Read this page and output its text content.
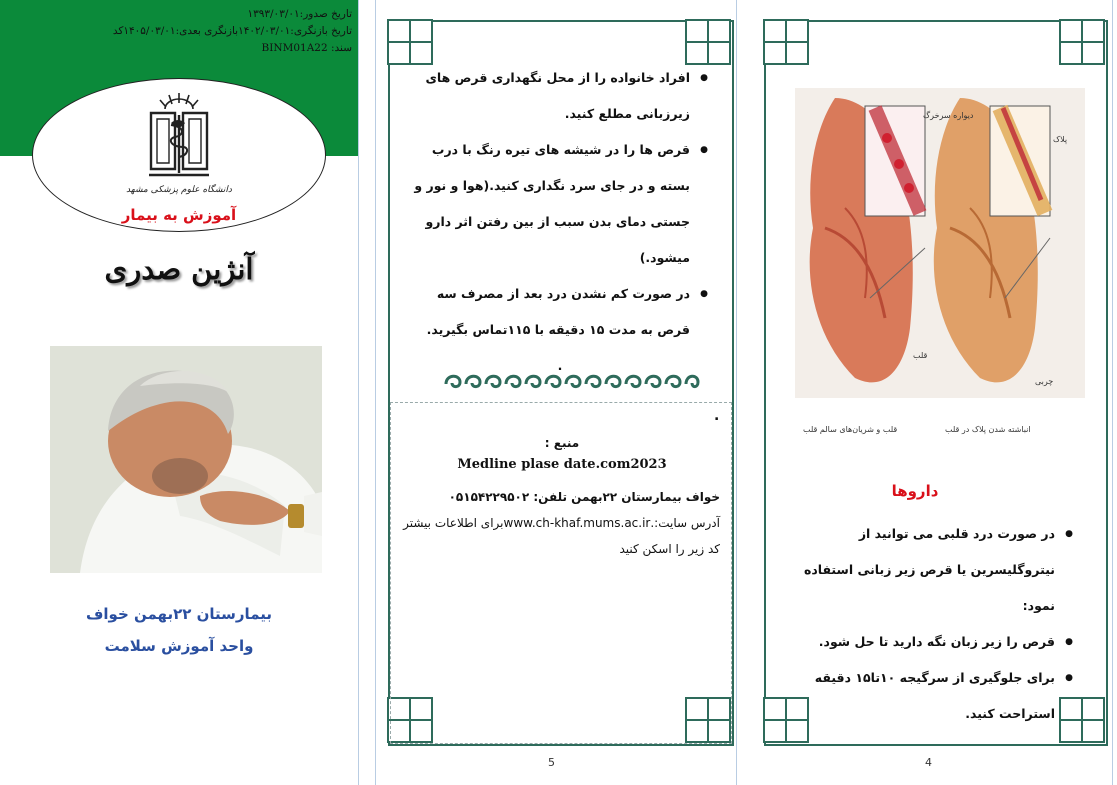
تاریخ صدور:۱۳۹۳/۰۳/۰۱
تاریخ بازنگری:۱۴۰۲/۰۳/۰۱بازنگری بعدی:۱۴۰۵/۰۳/۰۱کد
سند: BINM01A22
دانشگاه علوم پزشکی مشهد
آموزش به بیمار
آنژین صدری
بیمارستان ۲۲بهمن خواف
واحد آموزش سلامت
● افراد خانواده را از محل نگهداری قرص های زیرزبانی مطلع کنید.
● قرص ها را در شیشه های تیره رنگ با درب بسته و در جای سرد نگداری کنید.(هوا و نور و جستی دمای بدن سبب از بین رفتن اثر دارو میشود.)
● در صورت کم نشدن درد بعد از مصرف سه قرص به مدت ۱۵ دقیقه با ۱۱۵تماس بگیرید.
.
.
منبع :
Medline plase date.com2023
خواف بیمارستان ۲۲بهمن تلفن: ۰۵۱۵۴۲۲۹۵۰۲
آدرس سایت:.www.ch-khaf.mums.ac.irبرای اطلاعات بیشتر کد زیر را اسکن کنید
5
دیواره سرخرگ
پلاک
قلب
چربی
قلب و شریان‌های سالم قلب	انباشته شدن پلاک در قلب
داروها
● در صورت درد قلبی می توانید از نیتروگلیسرین یا قرص زیر زبانی استفاده نمود:
● قرص را زیر زبان نگه دارید تا حل شود.
● برای جلوگیری از سرگیجه ۱۰تا۱۵ دقیقه استراحت کنید.
4
